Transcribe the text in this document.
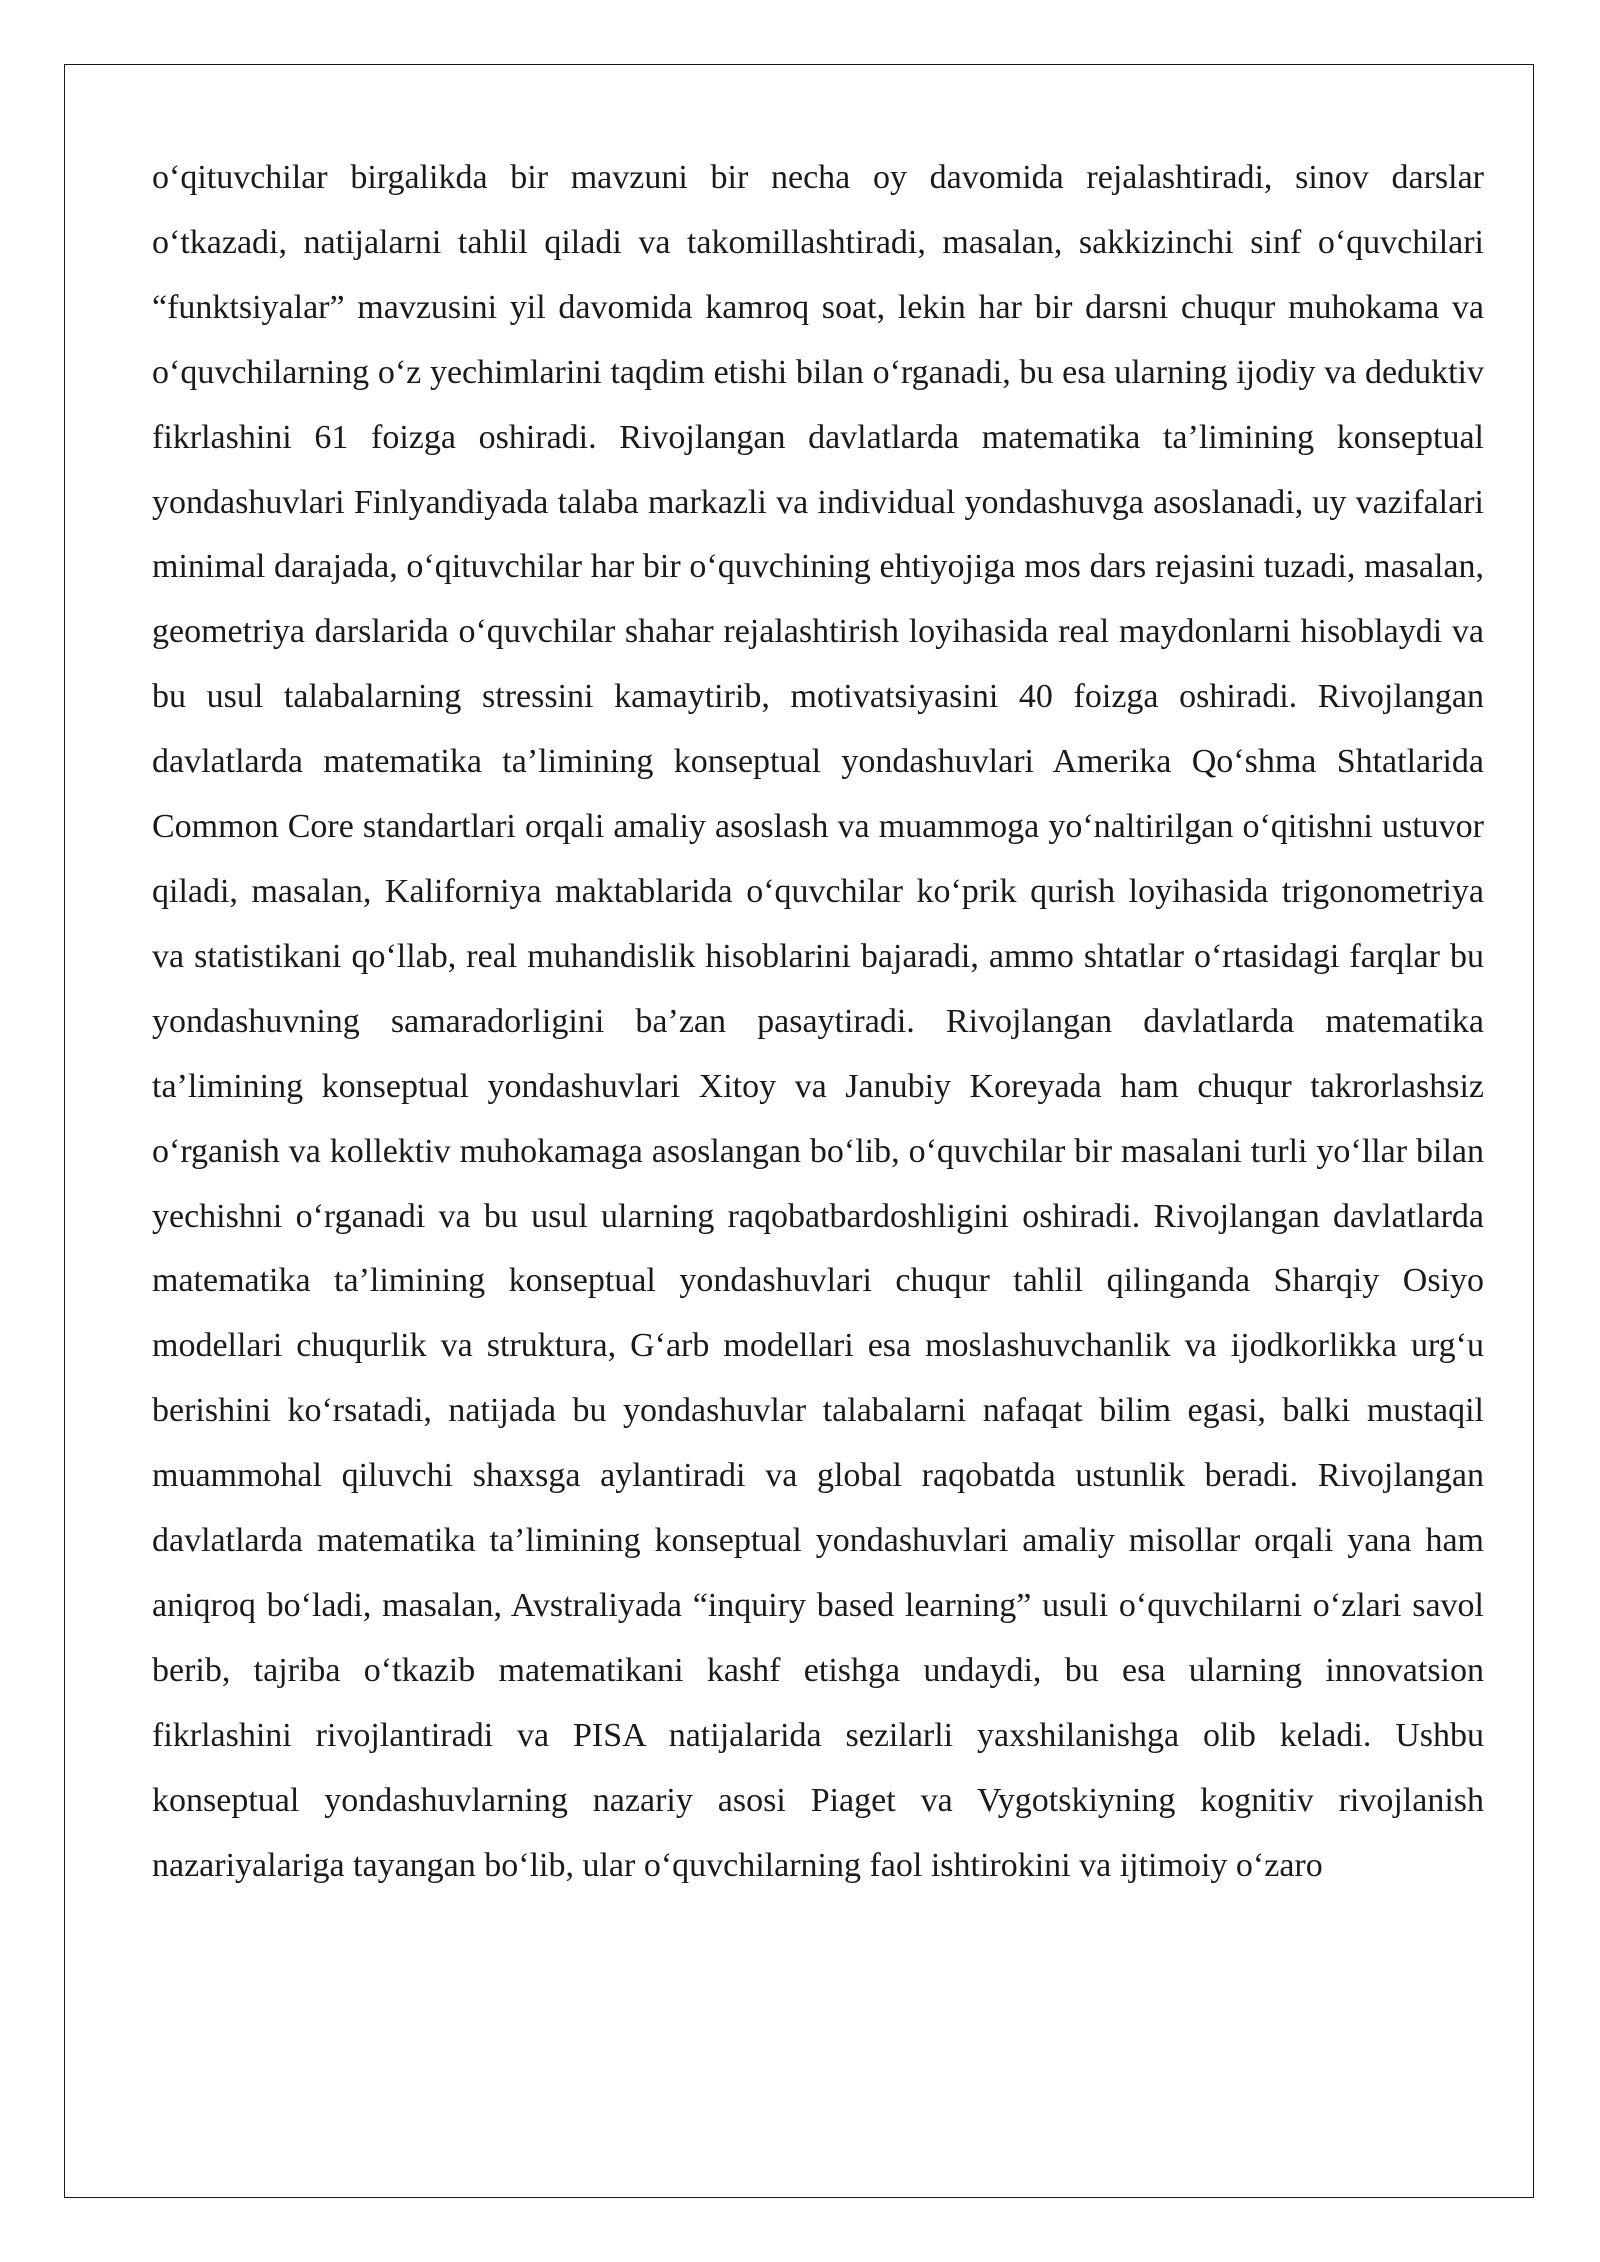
o‘qituvchilar birgalikda bir mavzuni bir necha oy davomida rejalashtiradi, sinov darslar o‘tkazadi, natijalarni tahlil qiladi va takomillashtiradi, masalan, sakkizinchi sinf o‘quvchilari “funktsiyalar” mavzusini yil davomida kamroq soat, lekin har bir darsni chuqur muhokama va o‘quvchilarning o‘z yechimlarini taqdim etishi bilan o‘rganadi, bu esa ularning ijodiy va deduktiv fikrlashini 61 foizga oshiradi. Rivojlangan davlatlarda matematika ta’limining konseptual yondashuvlari Finlyandiyada talaba markazli va individual yondashuvga asoslanadi, uy vazifalari minimal darajada, o‘qituvchilar har bir o‘quvchining ehtiyojiga mos dars rejasini tuzadi, masalan, geometriya darslarida o‘quvchilar shahar rejalashtirish loyihasida real maydonlarni hisoblaydi va bu usul talabalarning stressini kamaytirib, motivatsiyasini 40 foizga oshiradi. Rivojlangan davlatlarda matematika ta’limining konseptual yondashuvlari Amerika Qo‘shma Shtatlarida Common Core standartlari orqali amaliy asoslash va muammoga yo‘naltirilgan o‘qitishni ustuvor qiladi, masalan, Kaliforniya maktablarida o‘quvchilar ko‘prik qurish loyihasida trigonometriya va statistikani qo‘llab, real muhandislik hisoblarini bajaradi, ammo shtatlar o‘rtasidagi farqlar bu yondashuvning samaradorligini ba’zan pasaytiradi. Rivojlangan davlatlarda matematika ta’limining konseptual yondashuvlari Xitoy va Janubiy Koreyada ham chuqur takrorlashsiz o‘rganish va kollektiv muhokamaga asoslangan bo‘lib, o‘quvchilar bir masalani turli yo‘llar bilan yechishni o‘rganadi va bu usul ularning raqobatbardoshligini oshiradi. Rivojlangan davlatlarda matematika ta’limining konseptual yondashuvlari chuqur tahlil qilinganda Sharqiy Osiyo modellari chuqurlik va struktura, G‘arb modellari esa moslashuvchanlik va ijodkorlikka urg‘u berishini ko‘rsatadi, natijada bu yondashuvlar talabalarni nafaqat bilim egasi, balki mustaqil muammohal qiluvchi shaxsga aylantiradi va global raqobatda ustunlik beradi. Rivojlangan davlatlarda matematika ta’limining konseptual yondashuvlari amaliy misollar orqali yana ham aniqroq bo‘ladi, masalan, Avstraliyada “inquiry based learning” usuli o‘quvchilarni o‘zlari savol berib, tajriba o‘tkazib matematikani kashf etishga undaydi, bu esa ularning innovatsion fikrlashini rivojlantiradi va PISA natijalarida sezilarli yaxshilanishga olib keladi. Ushbu konseptual yondashuvlarning nazariy asosi Piaget va Vygotskiyning kognitiv rivojlanish nazariyalariga tayangan bo‘lib, ular o‘quvchilarning faol ishtirokini va ijtimoiy o‘zaro
